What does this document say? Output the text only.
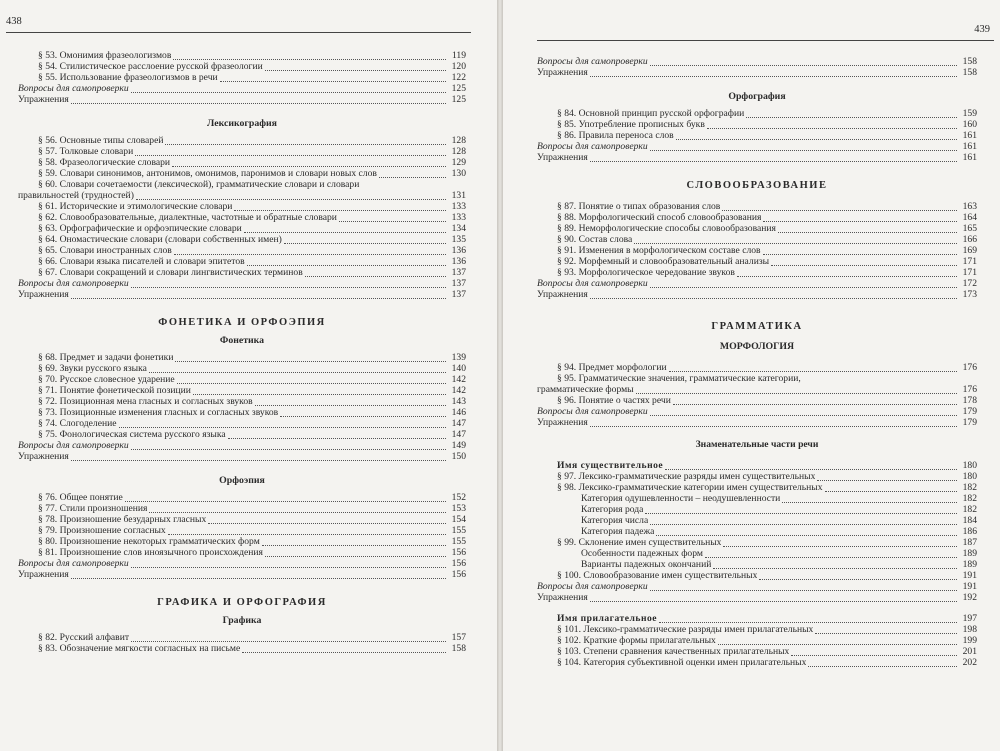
438
§ 53. Омонимия фразеологизмов	119
§ 54. Стилистическое расслоение русской фразеологии	120
§ 55. Использование фразеологизмов в речи	122
Вопросы для самопроверки	125
Упражнения	125
Лексикография
§ 56. Основные типы словарей	128
§ 57. Толковые словари	128
§ 58. Фразеологические словари	129
§ 59. Словари синонимов, антонимов, омонимов, паронимов и словари новых слов	130
§ 60. Словари сочетаемости (лексической), грамматические словари и словари
правильностей (трудностей)	131
§ 61. Исторические и этимологические словари	133
§ 62. Словообразовательные, диалектные, частотные и обратные словари	133
§ 63. Орфографические и орфоэпические словари	134
§ 64. Ономастические словари (словари собственных имен)	135
§ 65. Словари иностранных слов	136
§ 66. Словари языка писателей и словари эпитетов	136
§ 67. Словари сокращений и словари лингвистических терминов	137
Вопросы для самопроверки	137
Упражнения	137
ФОНЕТИКА И ОРФОЭПИЯ
Фонетика
§ 68. Предмет и задачи фонетики	139
§ 69. Звуки русского языка	140
§ 70. Русское словесное ударение	142
§ 71. Понятие фонетической позиции	142
§ 72. Позиционная мена гласных и согласных звуков	143
§ 73. Позиционные изменения гласных и согласных звуков	146
§ 74. Слогоделение	147
§ 75. Фонологическая система русского языка	147
Вопросы для самопроверки	149
Упражнения	150
Орфоэпия
§ 76. Общее понятие	152
§ 77. Стили произношения	153
§ 78. Произношение безударных гласных	154
§ 79. Произношение согласных	155
§ 80. Произношение некоторых грамматических форм	155
§ 81. Произношение слов иноязычного происхождения	156
Вопросы для самопроверки	156
Упражнения	156
ГРАФИКА И ОРФОГРАФИЯ
Графика
§ 82. Русский алфавит	157
§ 83. Обозначение мягкости согласных на письме	158
439
Вопросы для самопроверки	158
Упражнения	158
Орфография
§ 84. Основной принцип русской орфографии	159
§ 85. Употребление прописных букв	160
§ 86. Правила переноса слов	161
Вопросы для самопроверки	161
Упражнения	161
СЛОВООБРАЗОВАНИЕ
§ 87. Понятие о типах образования слов	163
§ 88. Морфологический способ словообразования	164
§ 89. Неморфологические способы словообразования	165
§ 90. Состав слова	166
§ 91. Изменения в морфологическом составе слов	169
§ 92. Морфемный и словообразовательный анализы	171
§ 93. Морфологическое чередование звуков	171
Вопросы для самопроверки	172
Упражнения	173
ГРАММАТИКА
МОРФОЛОГИЯ
§ 94. Предмет морфологии	176
§ 95. Грамматические значения, грамматические категории,
грамматические формы	176
§ 96. Понятие о частях речи	178
Вопросы для самопроверки	179
Упражнения	179
Знаменательные части речи
Имя существительное	180
§ 97. Лексико-грамматические разряды имен существительных	180
§ 98. Лексико-грамматические категории имен существительных	182
Категория одушевленности – неодушевленности	182
Категория рода	182
Категория числа	184
Категория падежа	186
§ 99. Склонение имен существительных	187
Особенности падежных форм	189
Варианты падежных окончаний	189
§ 100. Словообразование имен существительных	191
Вопросы для самопроверки	191
Упражнения	192
Имя прилагательное	197
§ 101. Лексико-грамматические разряды имен прилагательных	198
§ 102. Краткие формы прилагательных	199
§ 103. Степени сравнения качественных прилагательных	201
§ 104. Категория субъективной оценки имен прилагательных	202
